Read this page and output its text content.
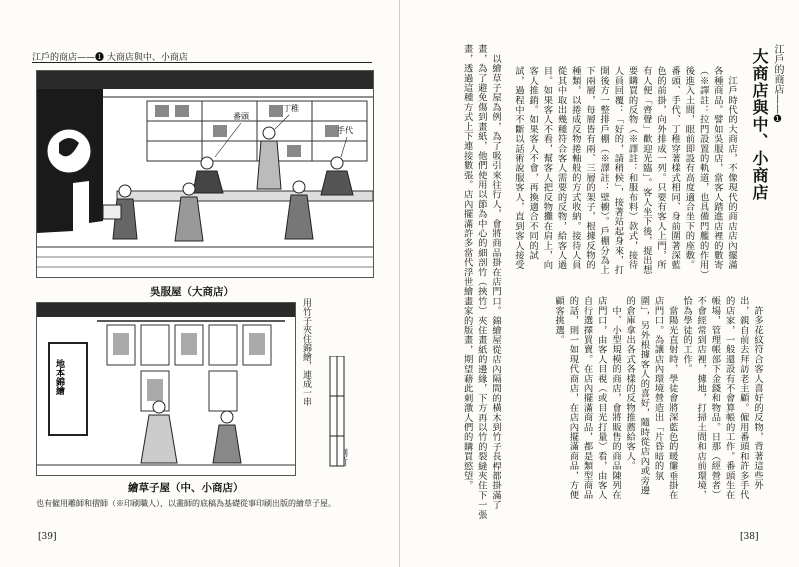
江戶的商店——❶ 大商店與中、小商店
番頭
丁稚
手代
吳服屋（大商店）
地本錦繪	用竹子夾住錦繪，連成一串
繪草子屋（中、小商店）
也有僱用雕師和摺師（※印刷職人），以畫師的底稿為基礎從事印刷出版的繪草子屋。
[39]
江戶的商店——❶
大商店與中、小商店
　江戶時代的大商店，不像現代的商店店內擺滿各種商品。譬如吳服店，當客人踏進店裡的數寄（※譯註：拉門設置的軌道，也具備門艦的作用）後進入土間，眼前即設有高度適合坐下的座敷。番頭、手代、丁稚穿著樣式相同、身前圍著深藍色的前掛，向外排成一列。只要有客人上門，所有人便「齊聲」歡迎光臨」。客人坐下後，提出想要購買的反物（※譯註：和服布料）款式，接待人員回覆：「好的，請稍候」，接著站起身來，打開後方一整排戶棚（※譯註：壁櫥）。戶棚分為上下兩層，每層皆有兩、三層的架子，根據反物的種類，以捲成反物捲軸般的方式收納。接待人員從其中取出幾種符合客人需要的反物，給客人過目。如果客人不看，幫客人把反物攤在肩上，向客人推銷。如果客人不會，再換適合不同的試試，過程中不斷以話術說服客人，直到客人接受

　許多花紋符合客人喜好的反物，背著這些外出，親自前去拜訪老主顧。僱用番頭和許多手代的店家，一般還設有不會算帳的工作。番頭生在帳場，管理帳部下金錢和物品。日那（經營者）不會經常到店裡，據地，打掃土間和店前環境，恰為學徒的工作。
　當陽光直射時，學徒會將深藍色的暖簾垂掛在店門口。為讓店內環境營造出「片昏暗的氛圍」，另外根據客人的喜好，隨時從店內或旁邊的倉庫拿出各式各樣的反物推薦給客人。
　中、小型規模的商店，會將販售的商品陳列在店門口，由客人目視（或目光打量）看，由客人自行選擇買賣。在店內擺滿商品，都是類型商品的話，則一如現代商店，在店內擺滿商品，方便顧客挑選。
　以繪草子屋為例，為了吸引來往行人，會將商品掛在店門口。錦繪屋從店內隔間的橫木到竹子長桿都掛滿了畫，為了避免傷到畫紙，他們使用以節為中心的細剖竹（挾竹）夾住畫紙的邊緣，下方再以竹的裂縫夾住下一張畫，透過這種方式上下連接數張。店內擺滿許多當代浮世繪畫家的版畫，期望藉此刺激人們的購買慾望。
[38]
